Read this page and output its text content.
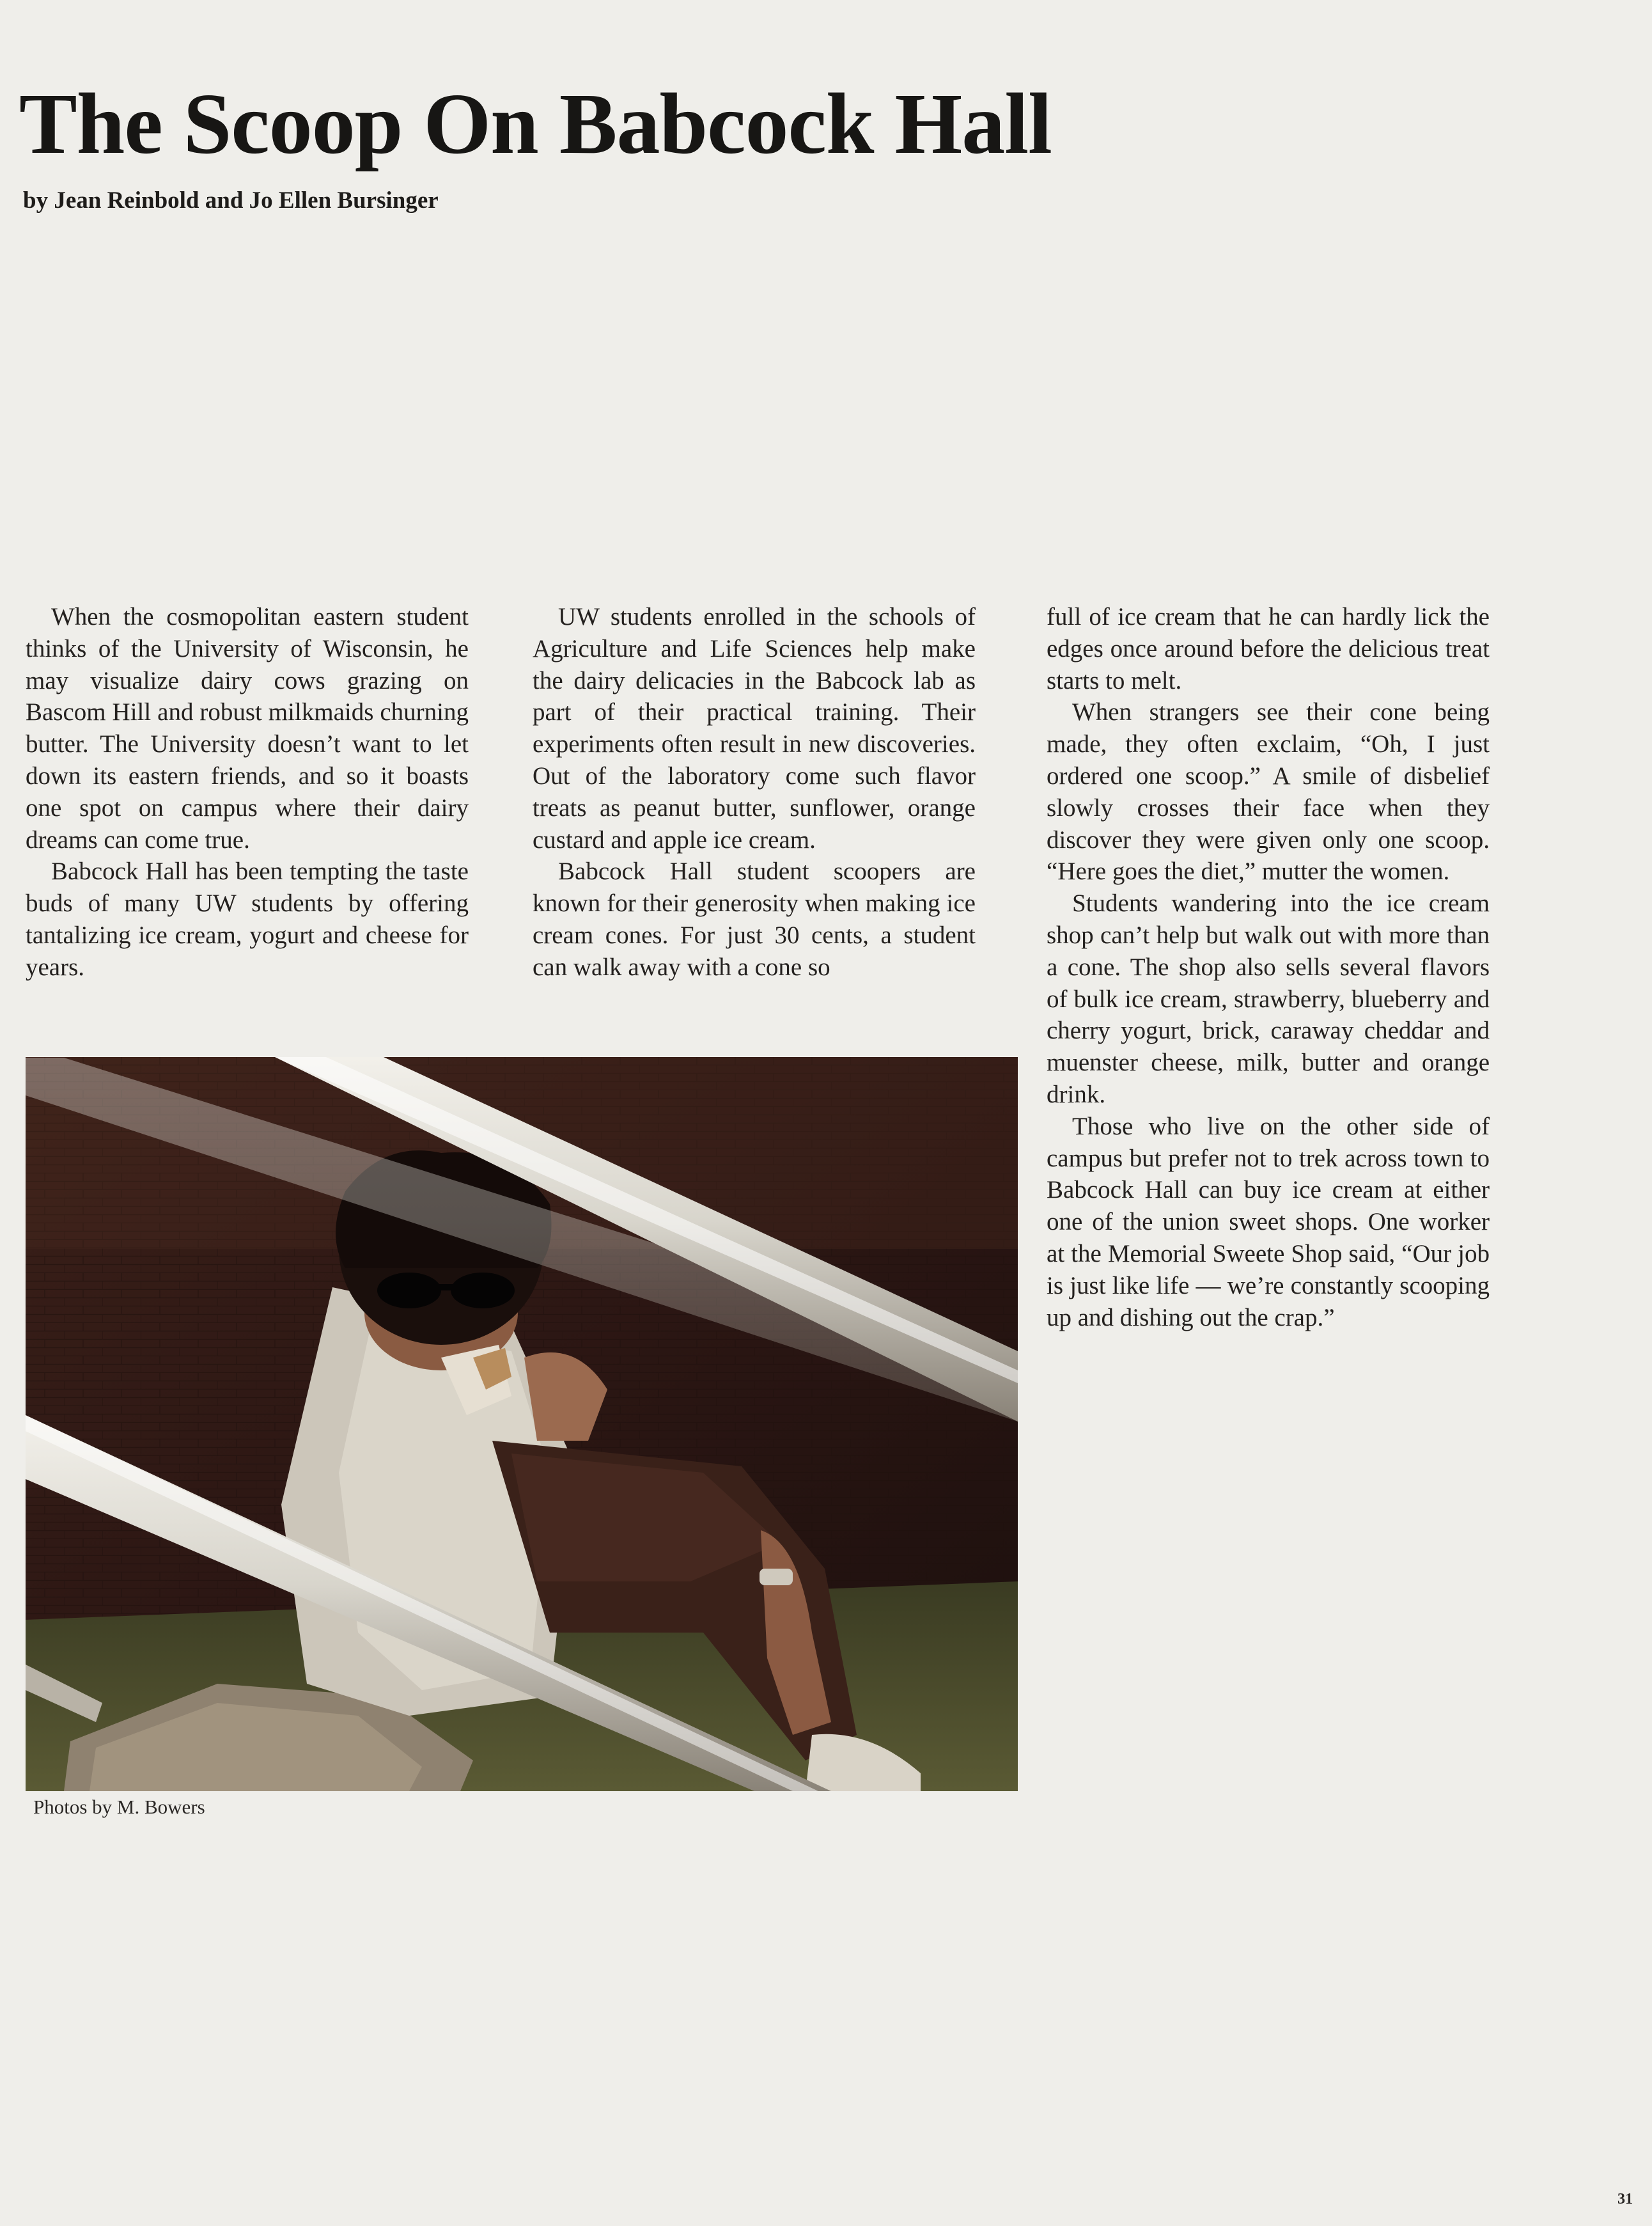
The Scoop On Babcock Hall

by Jean Reinbold and Jo Ellen Bursinger

When the cosmopolitan eastern student thinks of the University of Wisconsin, he may visualize dairy cows grazing on Bascom Hill and robust milkmaids churning butter. The University doesn’t want to let down its eastern friends, and so it boasts one spot on campus where their dairy dreams can come true.

Babcock Hall has been tempting the taste buds of many UW students by offering tantalizing ice cream, yogurt and cheese for years.

UW students enrolled in the schools of Agriculture and Life Sciences help make the dairy delicacies in the Babcock lab as part of their practical training. Their experiments often result in new discoveries. Out of the laboratory come such flavor treats as peanut butter, sunflower, orange custard and apple ice cream.

Babcock Hall student scoopers are known for their generosity when making ice cream cones. For just 30 cents, a student can walk away with a cone so

full of ice cream that he can hardly lick the edges once around before the delicious treat starts to melt.

When strangers see their cone being made, they often exclaim, “Oh, I just ordered one scoop.” A smile of disbelief slowly crosses their face when they discover they were given only one scoop. “Here goes the diet,” mutter the women.

Students wandering into the ice cream shop can’t help but walk out with more than a cone. The shop also sells several flavors of bulk ice cream, strawberry, blueberry and cherry yogurt, brick, caraway cheddar and muenster cheese, milk, butter and orange drink.

Those who live on the other side of campus but prefer not to trek across town to Babcock Hall can buy ice cream at either one of the union sweet shops. One worker at the Memorial Sweete Shop said, “Our job is just like life — we’re constantly scooping up and dishing out the crap.”

Photos by M. Bowers

31
